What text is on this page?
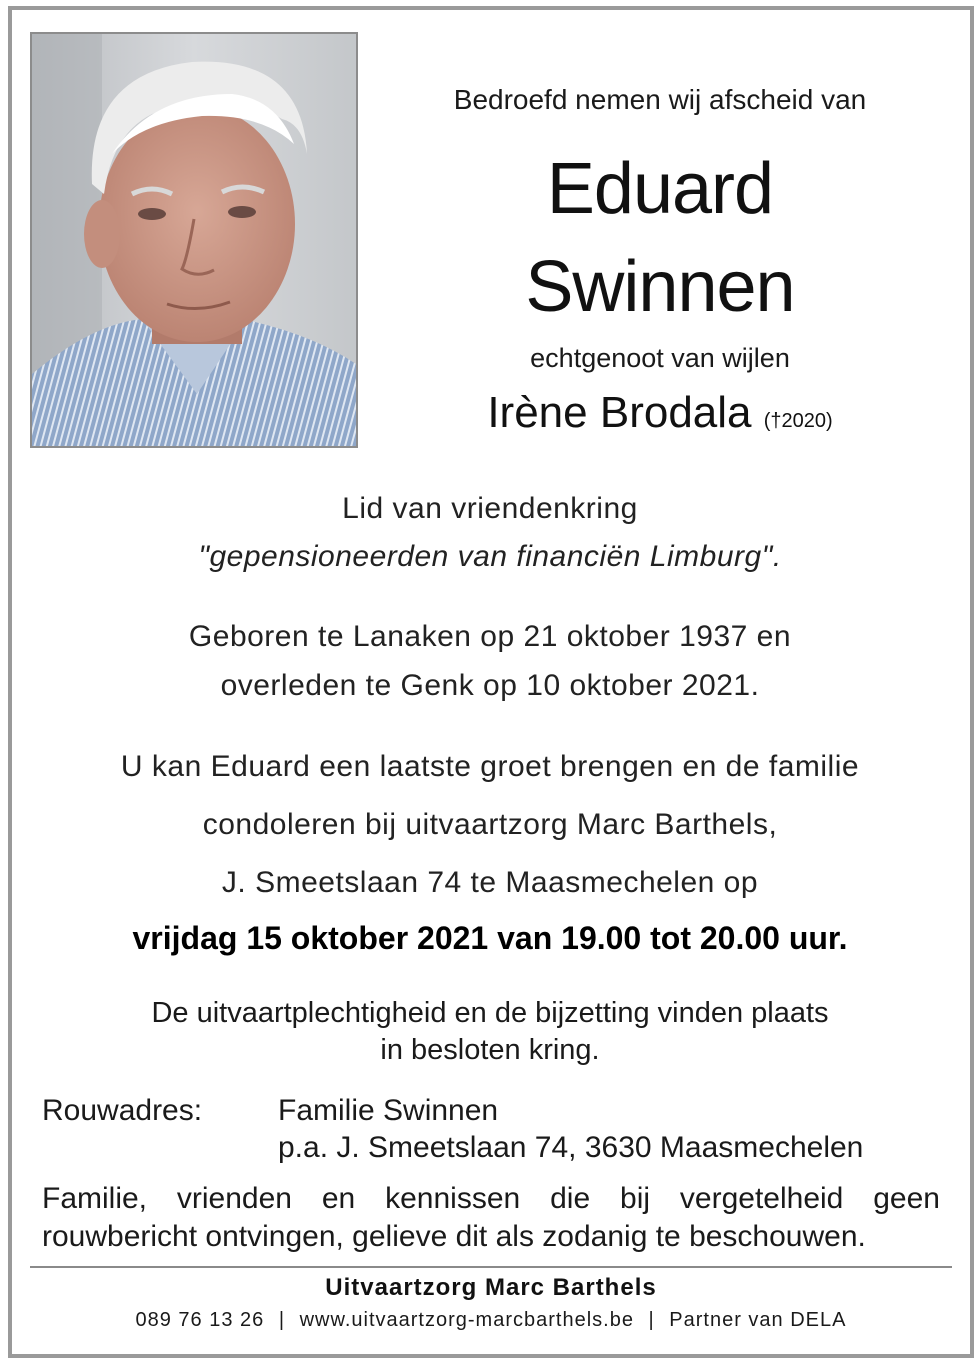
Bedroefd nemen wij afscheid van
Eduard
Swinnen
echtgenoot van wijlen
Irène Brodala (†2020)
Lid van vriendenkring
"gepensioneerden van financiën Limburg".
Geboren te Lanaken op 21 oktober 1937 en
overleden te Genk op 10 oktober 2021.
U kan Eduard een laatste groet brengen en de familie
condoleren bij uitvaartzorg Marc Barthels,
J. Smeetslaan 74 te Maasmechelen op
vrijdag 15 oktober 2021 van 19.00 tot 20.00 uur.
De uitvaartplechtigheid en de bijzetting vinden plaats
in besloten kring.
Rouwadres:	Familie Swinnen
p.a. J. Smeetslaan 74, 3630 Maasmechelen
Familie, vrienden en kennissen die bij vergetelheid geen
rouwbericht ontvingen, gelieve dit als zodanig te beschouwen.
Uitvaartzorg Marc Barthels
089 76 13 26 | www.uitvaartzorg-marcbarthels.be | Partner van DELA
